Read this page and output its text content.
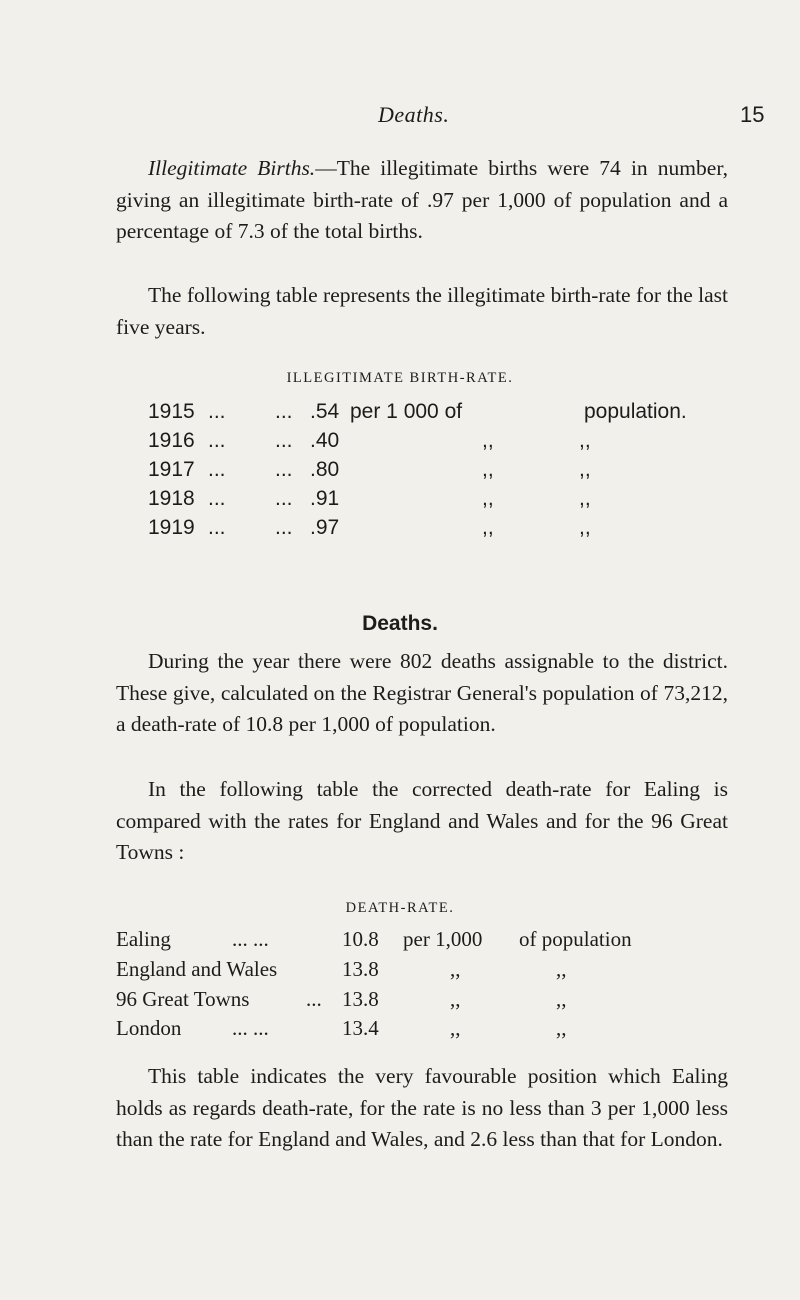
Deaths.	15

Illegitimate Births.—The illegitimate births were 74 in number, giving an illegitimate birth-rate of .97 per 1,000 of population and a percentage of 7.3 of the total births.

The following table represents the illegitimate birth-rate for the last five years.

ILLEGITIMATE BIRTH-RATE.
1915 ... ... .54 per 1 000 of	population.
1916 ... ... .40	,,	,,
1917 ... ... .80	,,	,,
1918 ... ... .91	,,	,,
1919 ... ... .97	,,	,,
Deaths.

During the year there were 802 deaths assignable to the district. These give, calculated on the Registrar General's population of 73,212, a death-rate of 10.8 per 1,000 of population.

In the following table the corrected death-rate for Ealing is compared with the rates for England and Wales and for the 96 Great Towns :

DEATH-RATE.
Ealing	... ...	10.8 per 1,000 of population
England and Wales	13.8	,,	,,
96 Great Towns	... 13.8	,,	,,
London ... ...	13.4	,,	,,

This table indicates the very favourable position which Ealing holds as regards death-rate, for the rate is no less than 3 per 1,000 less than the rate for England and Wales, and 2.6 less than that for London.
